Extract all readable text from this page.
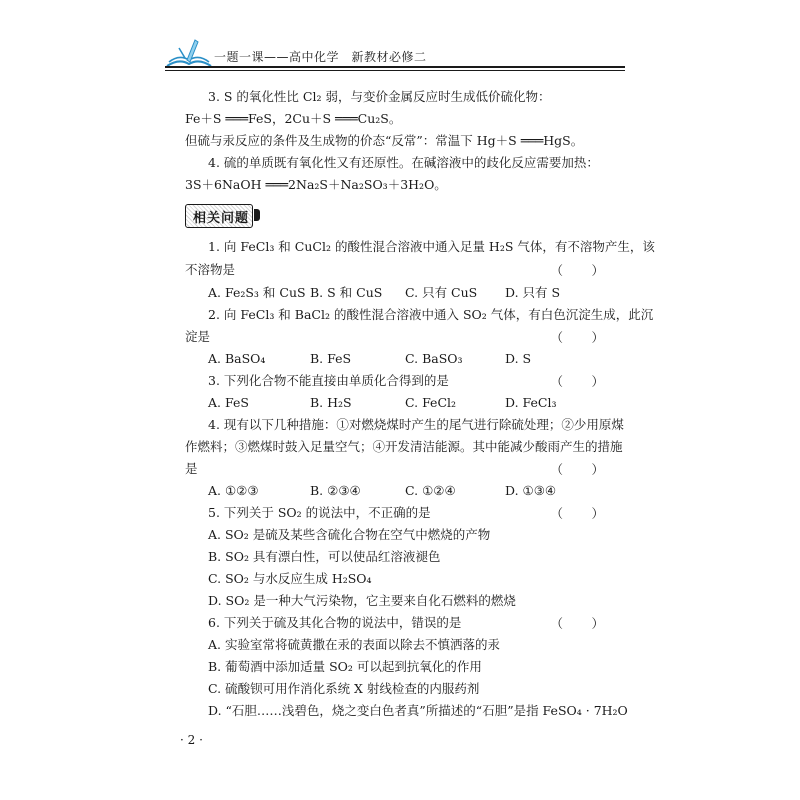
一题一课——高中化学　新教材必修二
3. S 的氧化性比 Cl₂ 弱，与变价金属反应时生成低价硫化物：
Fe＋S ═══FeS，2Cu＋S ═══Cu₂S。
但硫与汞反应的条件及生成物的价态“反常”：常温下 Hg＋S ═══HgS。
4. 硫的单质既有氧化性又有还原性。在碱溶液中的歧化反应需要加热：
3S＋6NaOH ═══2Na₂S＋Na₂SO₃＋3H₂O。
相关问题
1. 向 FeCl₃ 和 CuCl₂ 的酸性混合溶液中通入足量 H₂S 气体，有不溶物产生，该
不溶物是	（　）
A. Fe₂S₃ 和 CuS B. S 和 CuS C. 只有 CuS D. 只有 S
2. 向 FeCl₃ 和 BaCl₂ 的酸性混合溶液中通入 SO₂ 气体，有白色沉淀生成，此沉
淀是	（　）
A. BaSO₄	B. FeS	C. BaSO₃	D. S
3. 下列化合物不能直接由单质化合得到的是	（　）
A. FeS	B. H₂S	C. FeCl₂	D. FeCl₃
4. 现有以下几种措施：①对燃烧煤时产生的尾气进行除硫处理；②少用原煤
作燃料；③燃煤时鼓入足量空气；④开发清洁能源。其中能减少酸雨产生的措施
是	（　）
A. ①②③	B. ②③④	C. ①②④	D. ①③④
5. 下列关于 SO₂ 的说法中，不正确的是	（　）
A. SO₂ 是硫及某些含硫化合物在空气中燃烧的产物
B. SO₂ 具有漂白性，可以使品红溶液褪色
C. SO₂ 与水反应生成 H₂SO₄
D. SO₂ 是一种大气污染物，它主要来自化石燃料的燃烧
6. 下列关于硫及其化合物的说法中，错误的是	（　）
A. 实验室常将硫黄撒在汞的表面以除去不慎洒落的汞
B. 葡萄酒中添加适量 SO₂ 可以起到抗氧化的作用
C. 硫酸钡可用作消化系统 X 射线检查的内服药剂
D. “石胆……浅碧色，烧之变白色者真”所描述的“石胆”是指 FeSO₄ · 7H₂O
· 2 ·
